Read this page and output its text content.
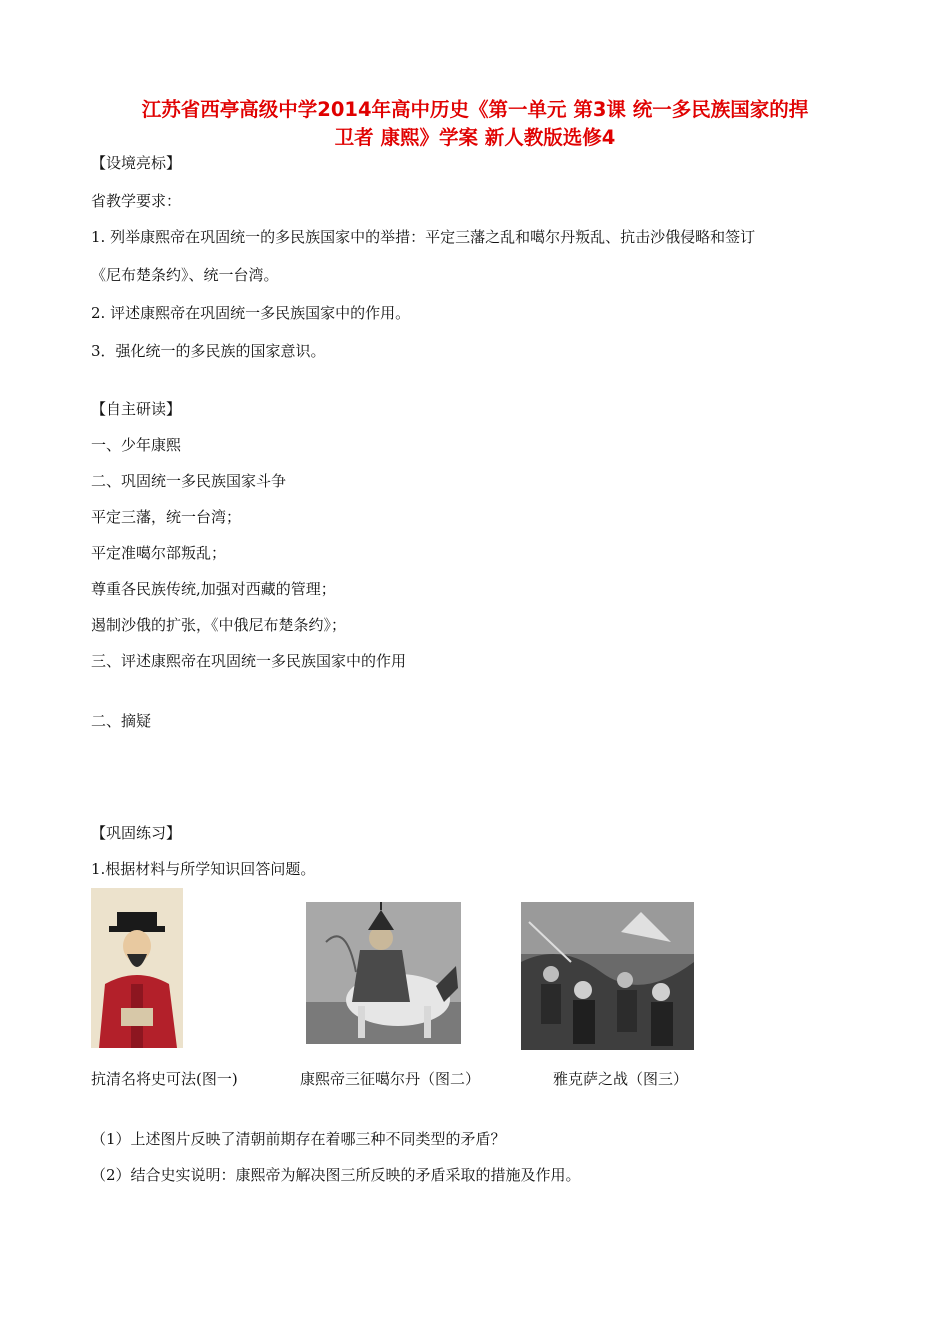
江苏省西亭高级中学2014年高中历史《第一单元 第3课 统一多民族国家的捍
卫者 康熙》学案 新人教版选修4
【设境亮标】
省教学要求：
1. 列举康熙帝在巩固统一的多民族国家中的举措：平定三藩之乱和噶尔丹叛乱、抗击沙俄侵略和签订
《尼布楚条约》、统一台湾。
2. 评述康熙帝在巩固统一多民族国家中的作用。
3．强化统一的多民族的国家意识。
【自主研读】
一、少年康熙
二、巩固统一多民族国家斗争
平定三藩，统一台湾；
平定准噶尔部叛乱；
尊重各民族传统,加强对西藏的管理；
遏制沙俄的扩张，《中俄尼布楚条约》；
三、评述康熙帝在巩固统一多民族国家中的作用
二、摘疑
【巩固练习】
1.根据材料与所学知识回答问题。
抗清名将史可法(图一)	康熙帝三征噶尔丹（图二）	雅克萨之战（图三）
（1）上述图片反映了清朝前期存在着哪三种不同类型的矛盾？
（2）结合史实说明：康熙帝为解决图三所反映的矛盾采取的措施及作用。
